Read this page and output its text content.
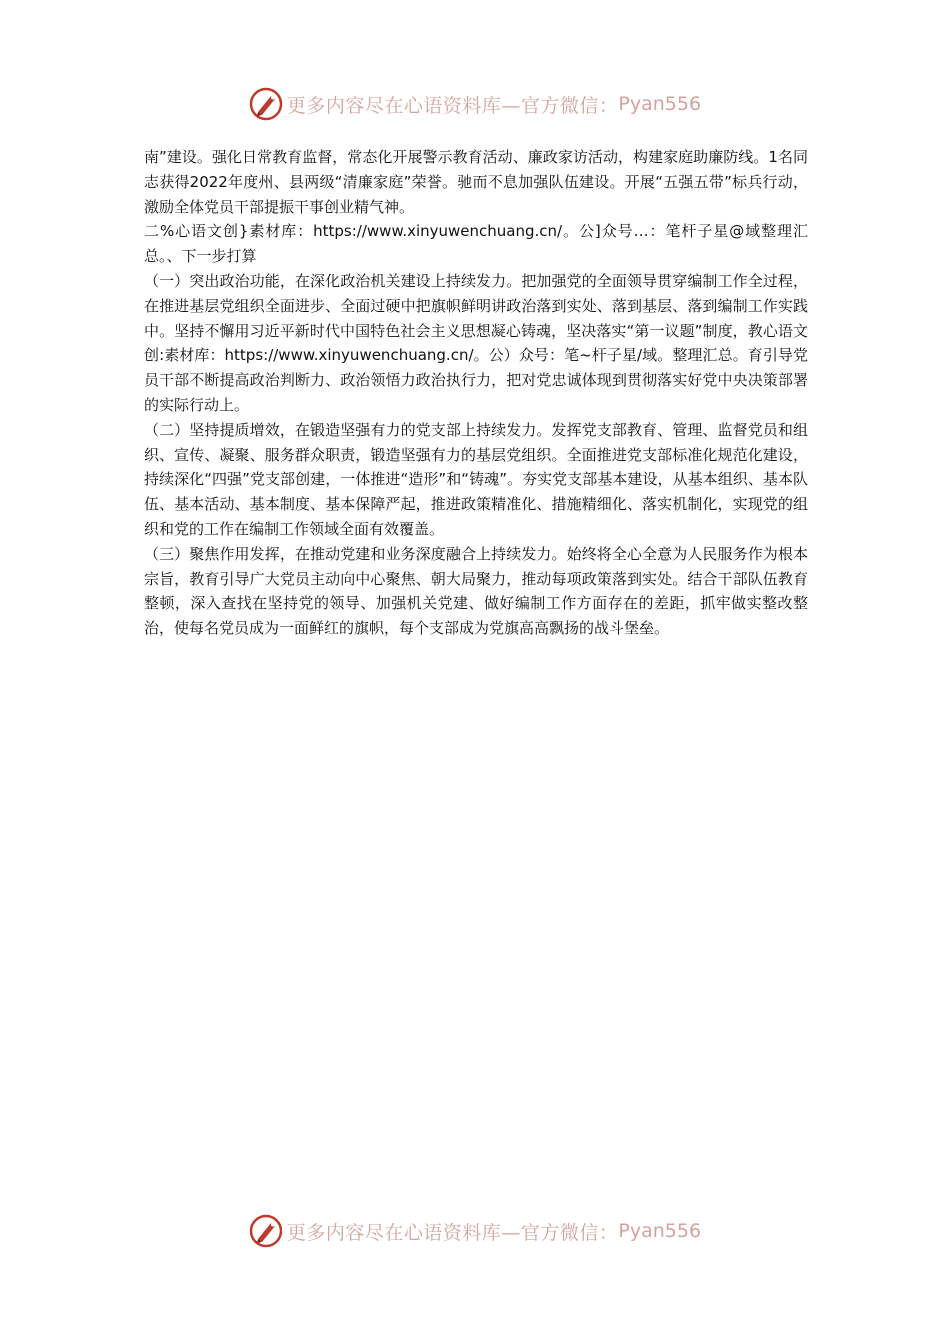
更多内容尽在心语资料库—官方微信： Pyan556

南”建设。强化日常教育监督，常态化开展警示教育活动、廉政家访活动，构建家庭助廉防线。1名同志获得2022年度州、县两级“清廉家庭”荣誉。驰而不息加强队伍建设。开展“五强五带”标兵行动，激励全体党员干部提振干事创业精气神。

二%心语文创}素材库：https://www.xinyuwenchuang.cn/。公]众号…：笔杆子星@域整理汇总。、下一步打算

（一）突出政治功能，在深化政治机关建设上持续发力。把加强党的全面领导贯穿编制工作全过程，在推进基层党组织全面进步、全面过硬中把旗帜鲜明讲政治落到实处、落到基层、落到编制工作实践中。坚持不懈用习近平新时代中国特色社会主义思想凝心铸魂，坚决落实“第一议题”制度，教心语文创:素材库：https://www.xinyuwenchuang.cn/。公）众号：笔~杆子星/域。整理汇总。育引导党员干部不断提高政治判断力、政治领悟力政治执行力，把对党忠诚体现到贯彻落实好党中央决策部署的实际行动上。

（二）坚持提质增效，在锻造坚强有力的党支部上持续发力。发挥党支部教育、管理、监督党员和组织、宣传、凝聚、服务群众职责，锻造坚强有力的基层党组织。全面推进党支部标准化规范化建设，持续深化“四强”党支部创建，一体推进“造形”和“铸魂”。夯实党支部基本建设，从基本组织、基本队伍、基本活动、基本制度、基本保障严起，推进政策精准化、措施精细化、落实机制化，实现党的组织和党的工作在编制工作领域全面有效覆盖。

（三）聚焦作用发挥，在推动党建和业务深度融合上持续发力。始终将全心全意为人民服务作为根本宗旨，教育引导广大党员主动向中心聚焦、朝大局聚力，推动每项政策落到实处。结合干部队伍教育整顿，深入查找在坚持党的领导、加强机关党建、做好编制工作方面存在的差距，抓牢做实整改整治，使每名党员成为一面鲜红的旗帜，每个支部成为党旗高高飘扬的战斗堡垒。

更多内容尽在心语资料库—官方微信： Pyan556
